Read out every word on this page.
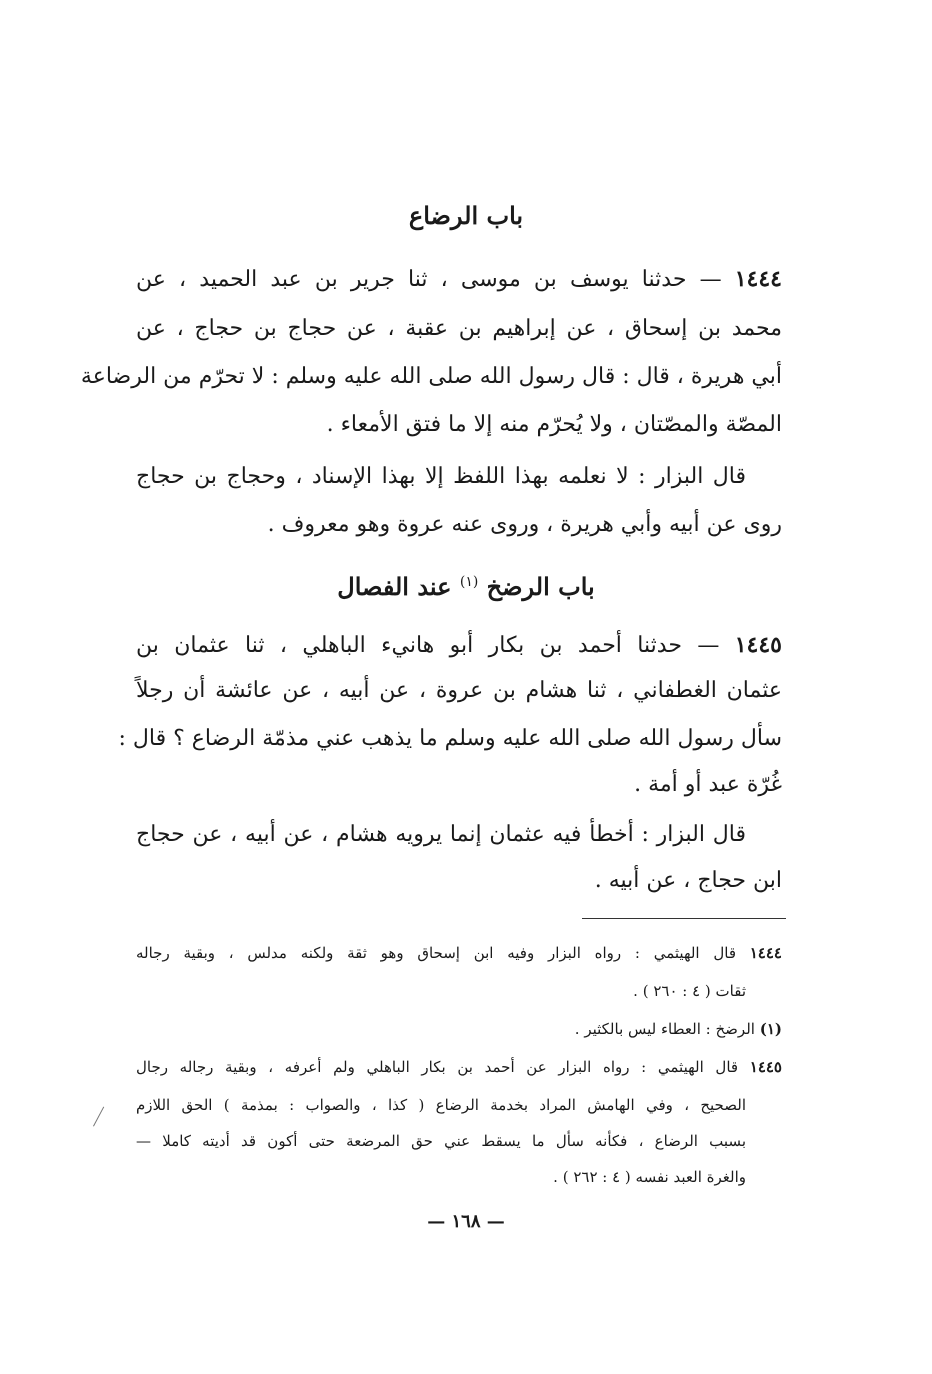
باب الرضاع
١٤٤٤ — حدثنا يوسف بن موسى ، ثنا جرير بن عبد الحميد ، عن
محمد بن إسحاق ، عن إبراهيم بن عقبة ، عن حجاج بن حجاج ، عن
أبي هريرة ، قال : قال رسول الله صلى الله عليه وسلم : لا تحرّم من الرضاعة
المصّة والمصّتان ، ولا يُحرّم منه إلا ما فتق الأمعاء .
قال البزار : لا نعلمه بهذا اللفظ إلا بهذا الإسناد ، وحجاج بن حجاج
روى عن أبيه وأبي هريرة ، وروى عنه عروة وهو معروف .
باب الرضخ $^{(١)}$ عند الفصال
١٤٤٥ — حدثنا أحمد بن بكار أبو هانيء الباهلي ، ثنا عثمان بن
عثمان الغطفاني ، ثنا هشام بن عروة ، عن أبيه ، عن عائشة أن رجلاً
سأل رسول الله صلى الله عليه وسلم ما يذهب عني مذمّة الرضاع ؟ قال :
غُرّة عبد أو أمة .
قال البزار : أخطأ فيه عثمان إنما يرويه هشام ، عن أبيه ، عن حجاج
ابن حجاج ، عن أبيه .
١٤٤٤ قال الهيثمي : رواه البزار وفيه ابن إسحاق وهو ثقة ولكنه مدلس ، وبقية رجاله
ثقات ( ٤ : ٢٦٠ ) .
(١) الرضخ : العطاء ليس بالكثير .
١٤٤٥ قال الهيثمي : رواه البزار عن أحمد بن بكار الباهلي ولم أعرفه ، وبقية رجاله رجال
الصحيح ، وفي الهامش المراد بخدمة الرضاع ( كذا ، والصواب : بمذمة ) الحق اللازم
بسبب الرضاع ، فكأنه سأل ما يسقط عني حق المرضعة حتى أكون قد أديته كاملا —
والغرة العبد نفسه ( ٤ : ٢٦٢ ) .
— ١٦٨ —
